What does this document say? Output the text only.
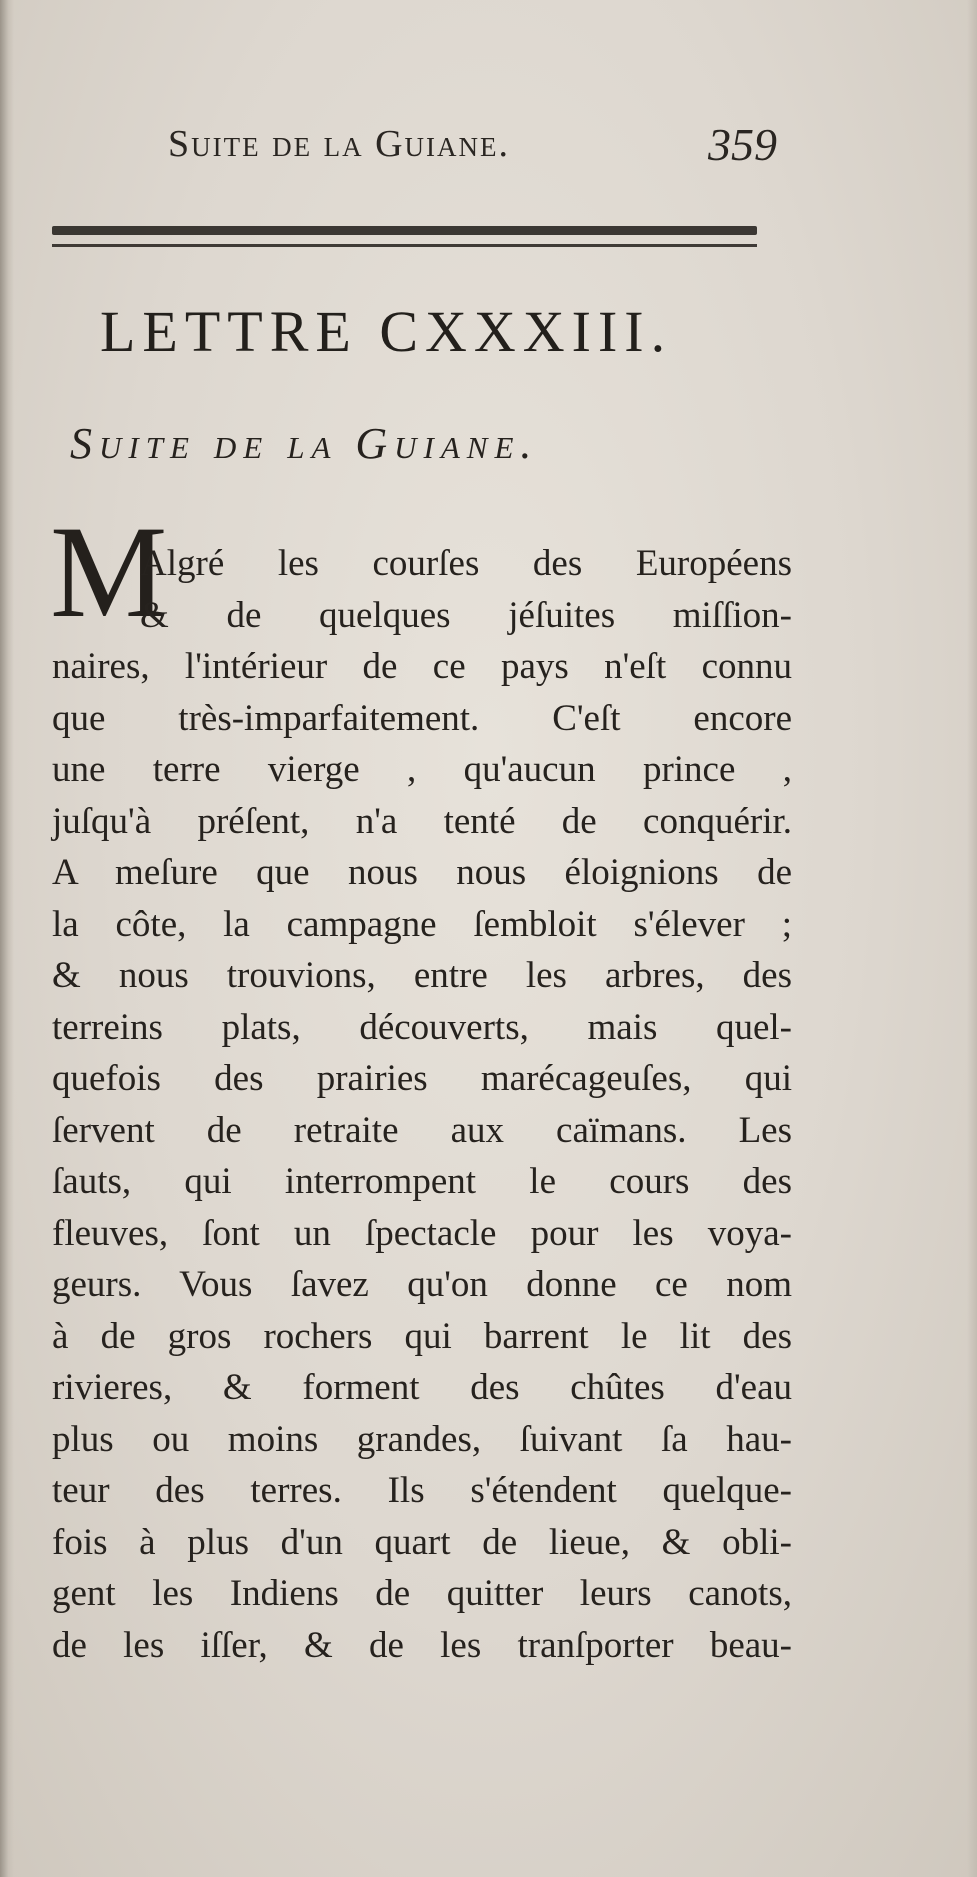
Suite de la Guiane.	359
LETTRE CXXXIII.
Suite de la Guiane.
M
Algré les courſes des Européens
& de quelques jéſuites miſſion-
naires, l'intérieur de ce pays n'eſt connu
que très-imparfaitement. C'eſt encore
une terre vierge , qu'aucun prince ,
juſqu'à préſent, n'a tenté de conquérir.
A meſure que nous nous éloignions de
la côte, la campagne ſembloit s'élever ;
& nous trouvions, entre les arbres, des
terreins plats, découverts, mais quel-
quefois des prairies marécageuſes, qui
ſervent de retraite aux caïmans. Les
ſauts, qui interrompent le cours des
fleuves, ſont un ſpectacle pour les voya-
geurs. Vous ſavez qu'on donne ce nom
à de gros rochers qui barrent le lit des
rivieres, & forment des chûtes d'eau
plus ou moins grandes, ſuivant ſa hau-
teur des terres. Ils s'étendent quelque-
fois à plus d'un quart de lieue, & obli-
gent les Indiens de quitter leurs canots,
de les iſſer, & de les tranſporter beau-
